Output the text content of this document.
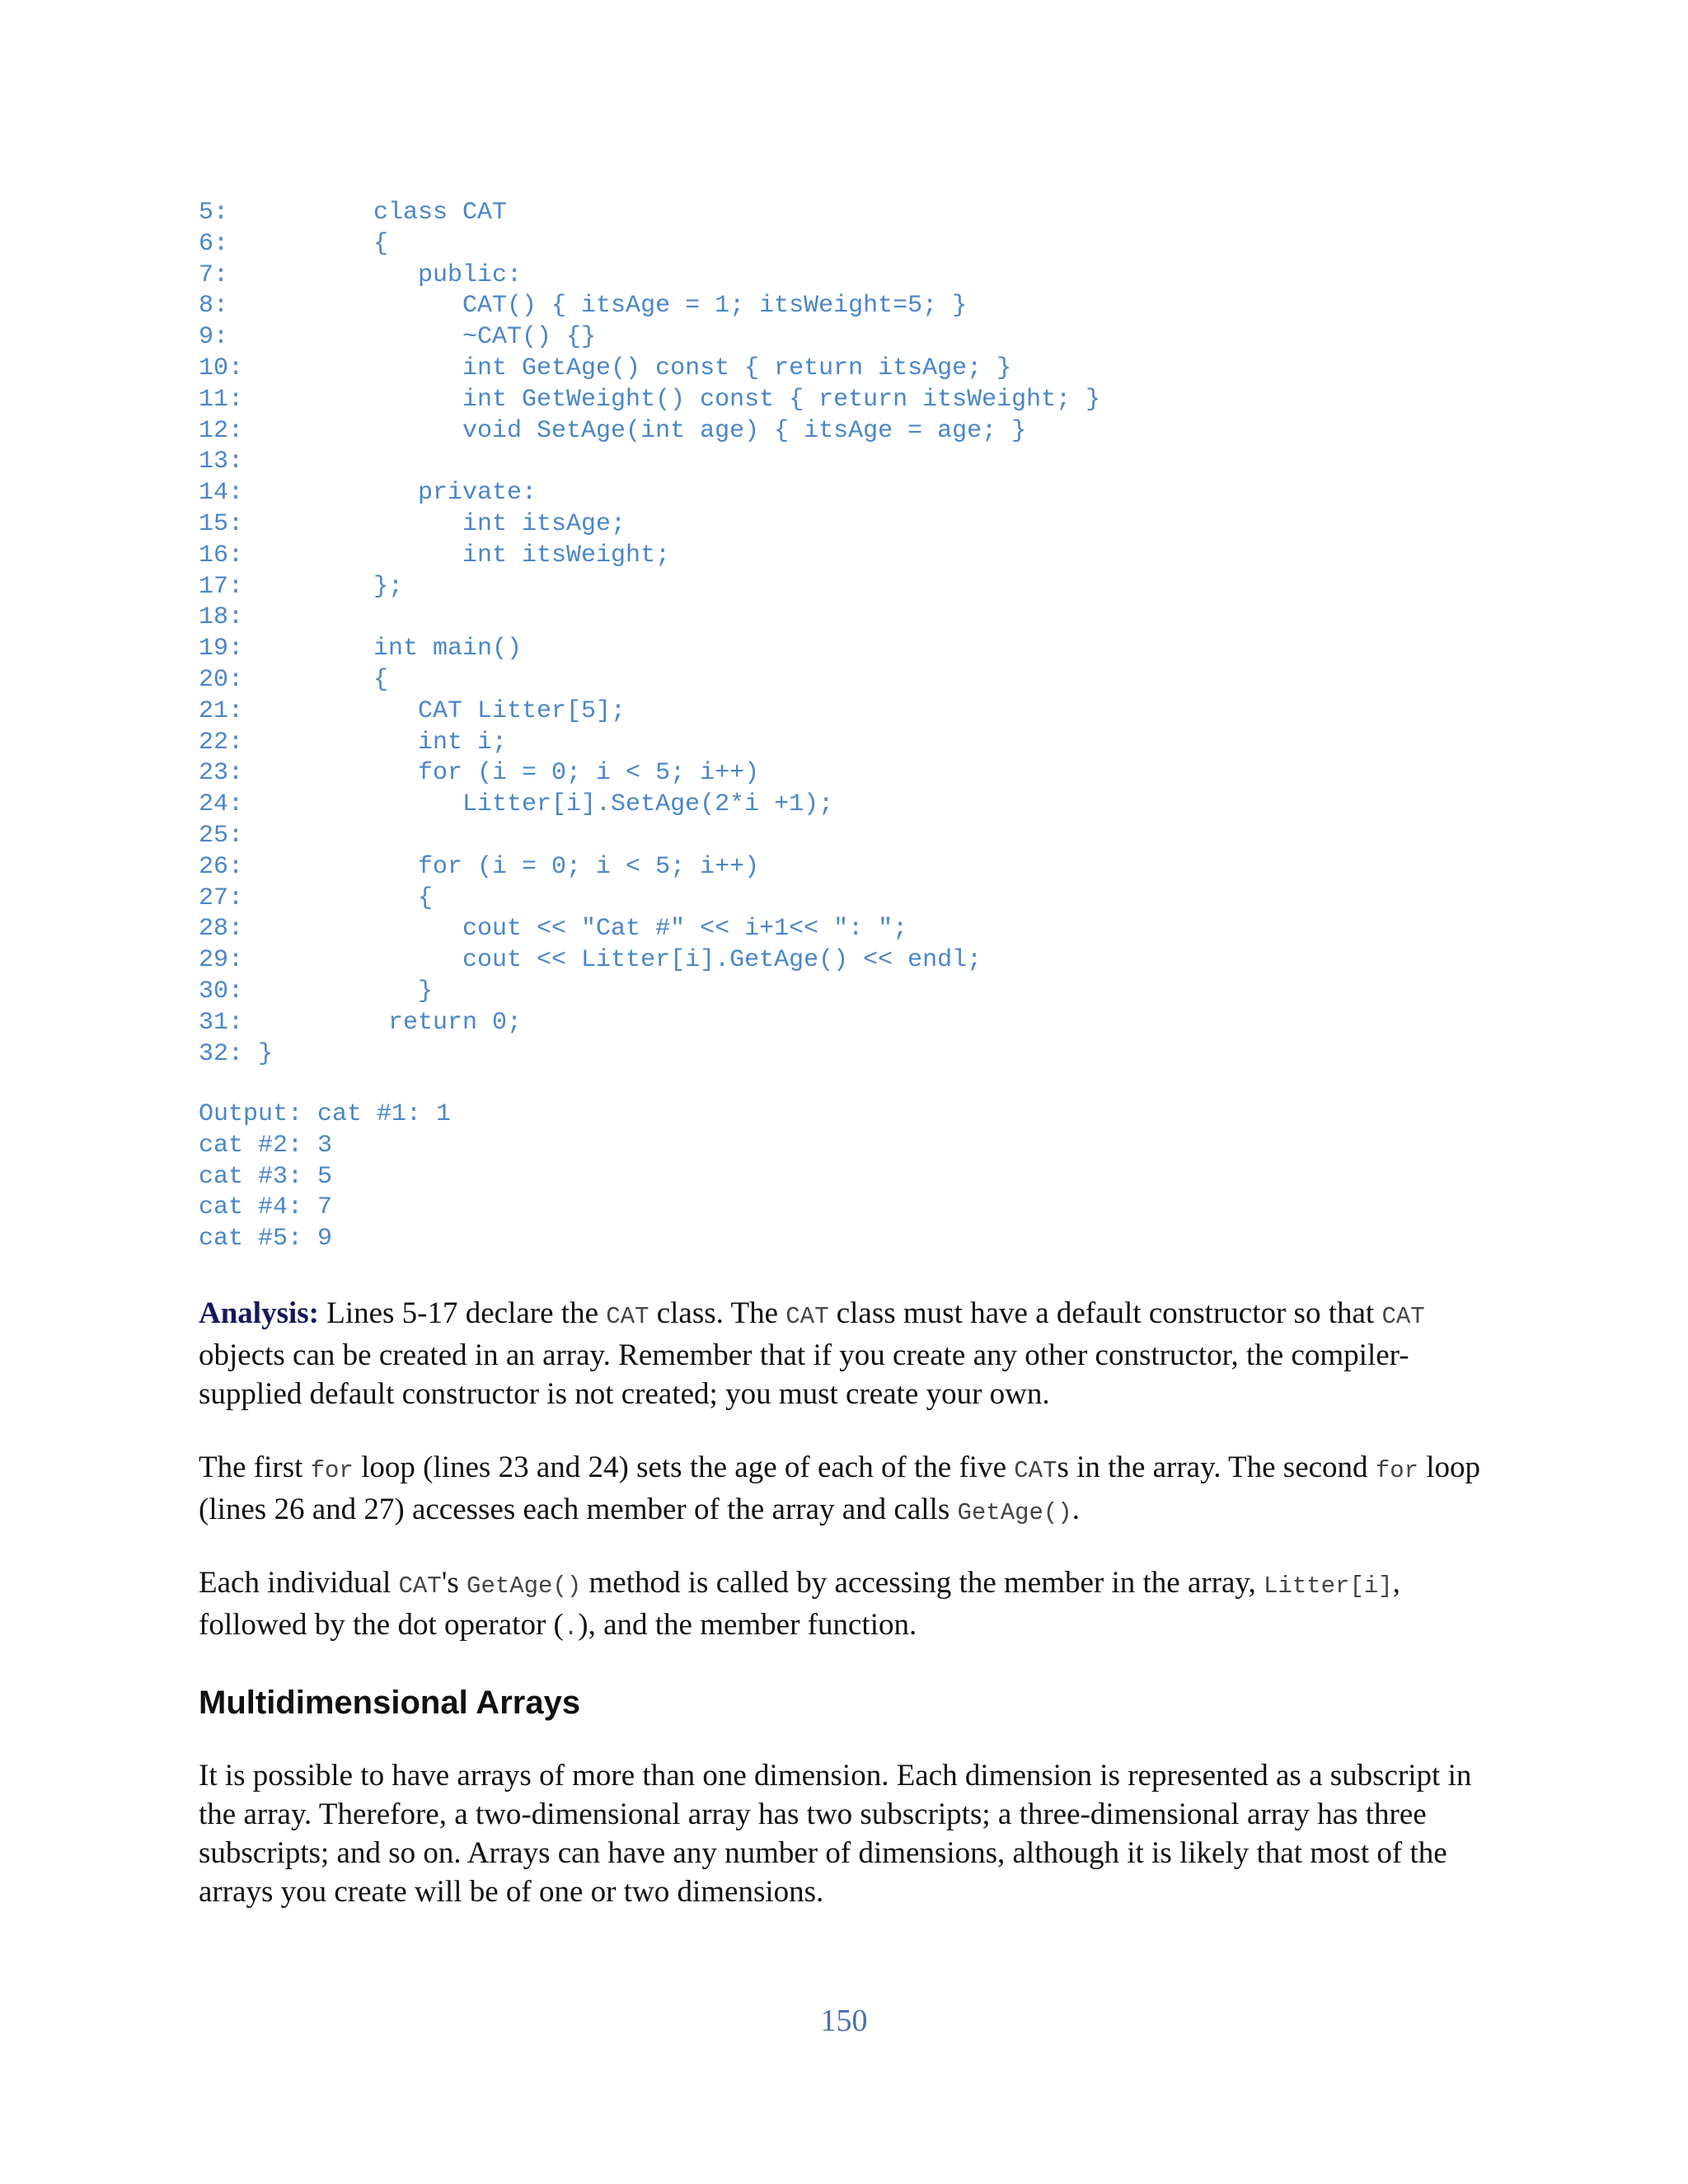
5:	class CAT
6:	{
7:	public:
8:	CAT() { itsAge = 1; itsWeight=5; }
9:	~CAT() {}
10:	int GetAge() const { return itsAge; }
11:	int GetWeight() const { return itsWeight; }
12:	void SetAge(int age) { itsAge = age; }
13:
14:	private:
15:	int itsAge;
16:	int itsWeight;
17:	};
18:
19:	int main()
20:	{
21:	CAT Litter[5];
22:	int i;
23:	for (i = 0; i < 5; i++)
24:	Litter[i].SetAge(2*i +1);
25:
26:	for (i = 0; i < 5; i++)
27:	{
28:	cout << "Cat #" << i+1<< ": ";
29:	cout << Litter[i].GetAge() << endl;
30:	}
31:	return 0;
32: }
Output: cat #1: 1
cat #2: 3
cat #3: 5
cat #4: 7
cat #5: 9

Analysis: Lines 5-17 declare the CAT class. The CAT class must have a default constructor so that CAT objects can be created in an array. Remember that if you create any other constructor, the compiler-supplied default constructor is not created; you must create your own.

The first for loop (lines 23 and 24) sets the age of each of the five CATs in the array. The second for loop (lines 26 and 27) accesses each member of the array and calls GetAge().

Each individual CAT's GetAge() method is called by accessing the member in the array, Litter[i], followed by the dot operator (.), and the member function.

Multidimensional Arrays

It is possible to have arrays of more than one dimension. Each dimension is represented as a subscript in the array. Therefore, a two-dimensional array has two subscripts; a three-dimensional array has three subscripts; and so on. Arrays can have any number of dimensions, although it is likely that most of the arrays you create will be of one or two dimensions.

150
